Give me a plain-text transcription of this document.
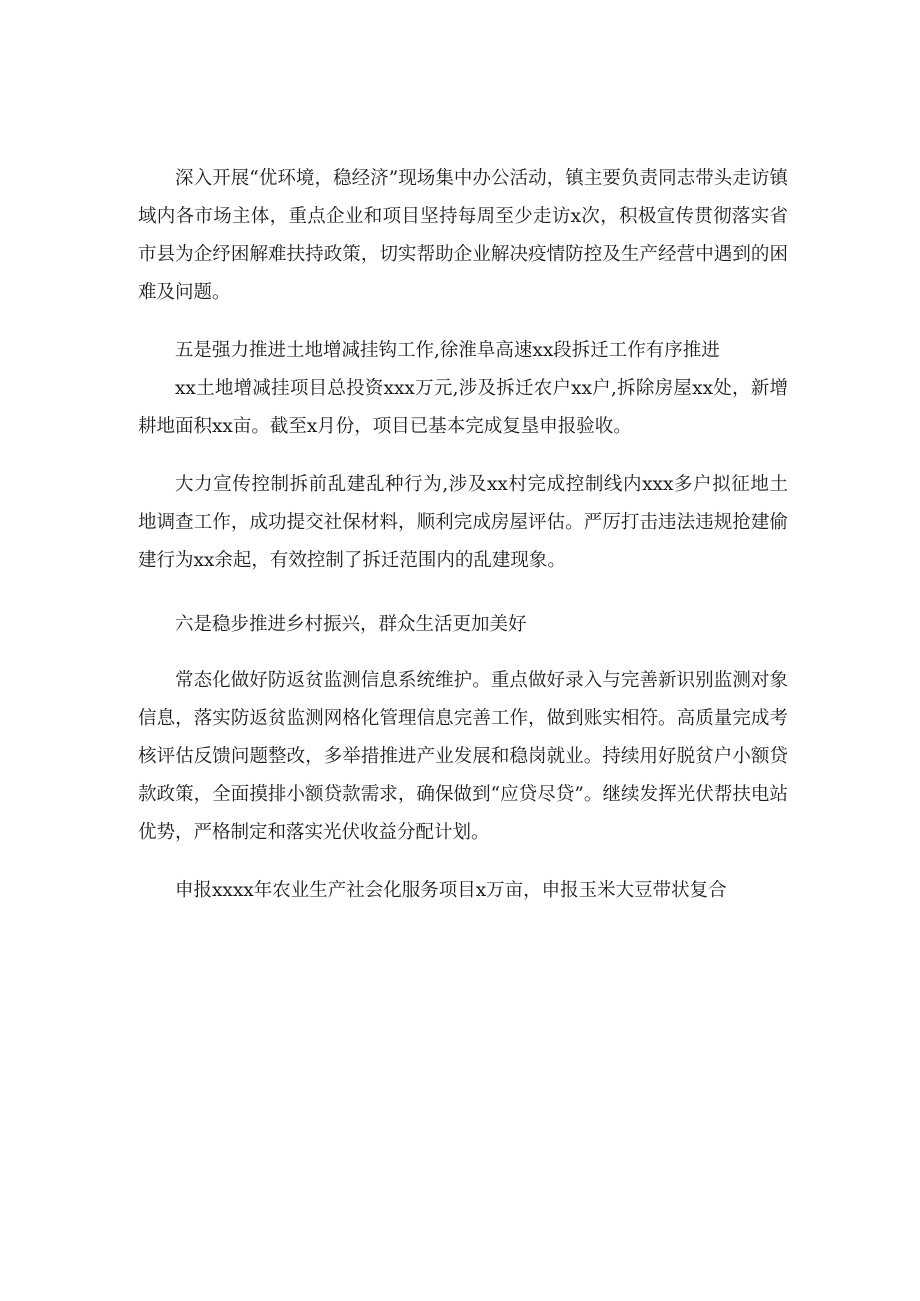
深入开展“优环境，稳经济”现场集中办公活动，镇主要负责同志带头走访镇域内各市场主体，重点企业和项目坚持每周至少走访x次，积极宣传贯彻落实省市县为企纾困解难扶持政策，切实帮助企业解决疫情防控及生产经营中遇到的困难及问题。

五是强力推进土地增减挂钩工作,徐淮阜高速xx段拆迁工作有序推进

xx土地增减挂项目总投资xxx万元,涉及拆迁农户xx户,拆除房屋xx处，新增耕地面积xx亩。截至x月份，项目已基本完成复垦申报验收。

大力宣传控制拆前乱建乱种行为,涉及xx村完成控制线内xxx多户拟征地土地调查工作，成功提交社保材料，顺利完成房屋评估。严厉打击违法违规抢建偷建行为xx余起，有效控制了拆迁范围内的乱建现象。

六是稳步推进乡村振兴，群众生活更加美好

常态化做好防返贫监测信息系统维护。重点做好录入与完善新识别监测对象信息，落实防返贫监测网格化管理信息完善工作，做到账实相符。高质量完成考核评估反馈问题整改，多举措推进产业发展和稳岗就业。持续用好脱贫户小额贷款政策，全面摸排小额贷款需求，确保做到“应贷尽贷”。继续发挥光伏帮扶电站优势，严格制定和落实光伏收益分配计划。

申报xxxx年农业生产社会化服务项目x万亩，申报玉米大豆带状复合
